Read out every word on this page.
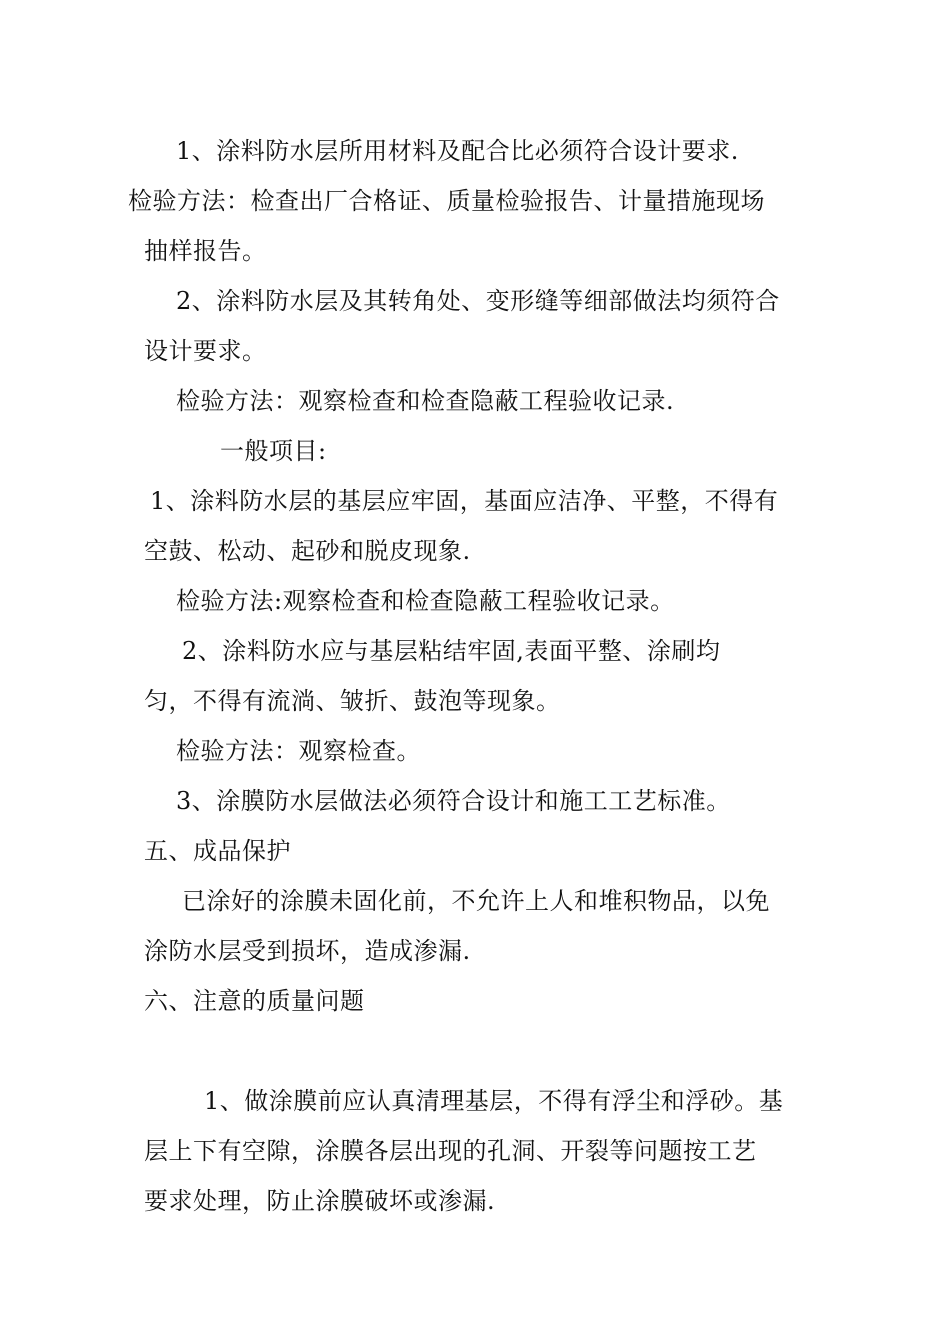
1、涂料防水层所用材料及配合比必须符合设计要求.
检验方法：检查出厂合格证、质量检验报告、计量措施现场
抽样报告。
2、涂料防水层及其转角处、变形缝等细部做法均须符合
设计要求。
检验方法：观察检查和检查隐蔽工程验收记录.
一般项目:
1、涂料防水层的基层应牢固，基面应洁净、平整，不得有
空鼓、松动、起砂和脱皮现象.
检验方法:观察检查和检查隐蔽工程验收记录。
2、涂料防水应与基层粘结牢固,表面平整、涂刷均
匀，不得有流淌、皱折、鼓泡等现象。
检验方法：观察检查。
3、涂膜防水层做法必须符合设计和施工工艺标准。
五、成品保护
已涂好的涂膜未固化前，不允许上人和堆积物品，以免
涂防水层受到损坏，造成渗漏.
六、注意的质量问题
1、做涂膜前应认真清理基层，不得有浮尘和浮砂。基
层上下有空隙，涂膜各层出现的孔洞、开裂等问题按工艺
要求处理，防止涂膜破坏或渗漏.
